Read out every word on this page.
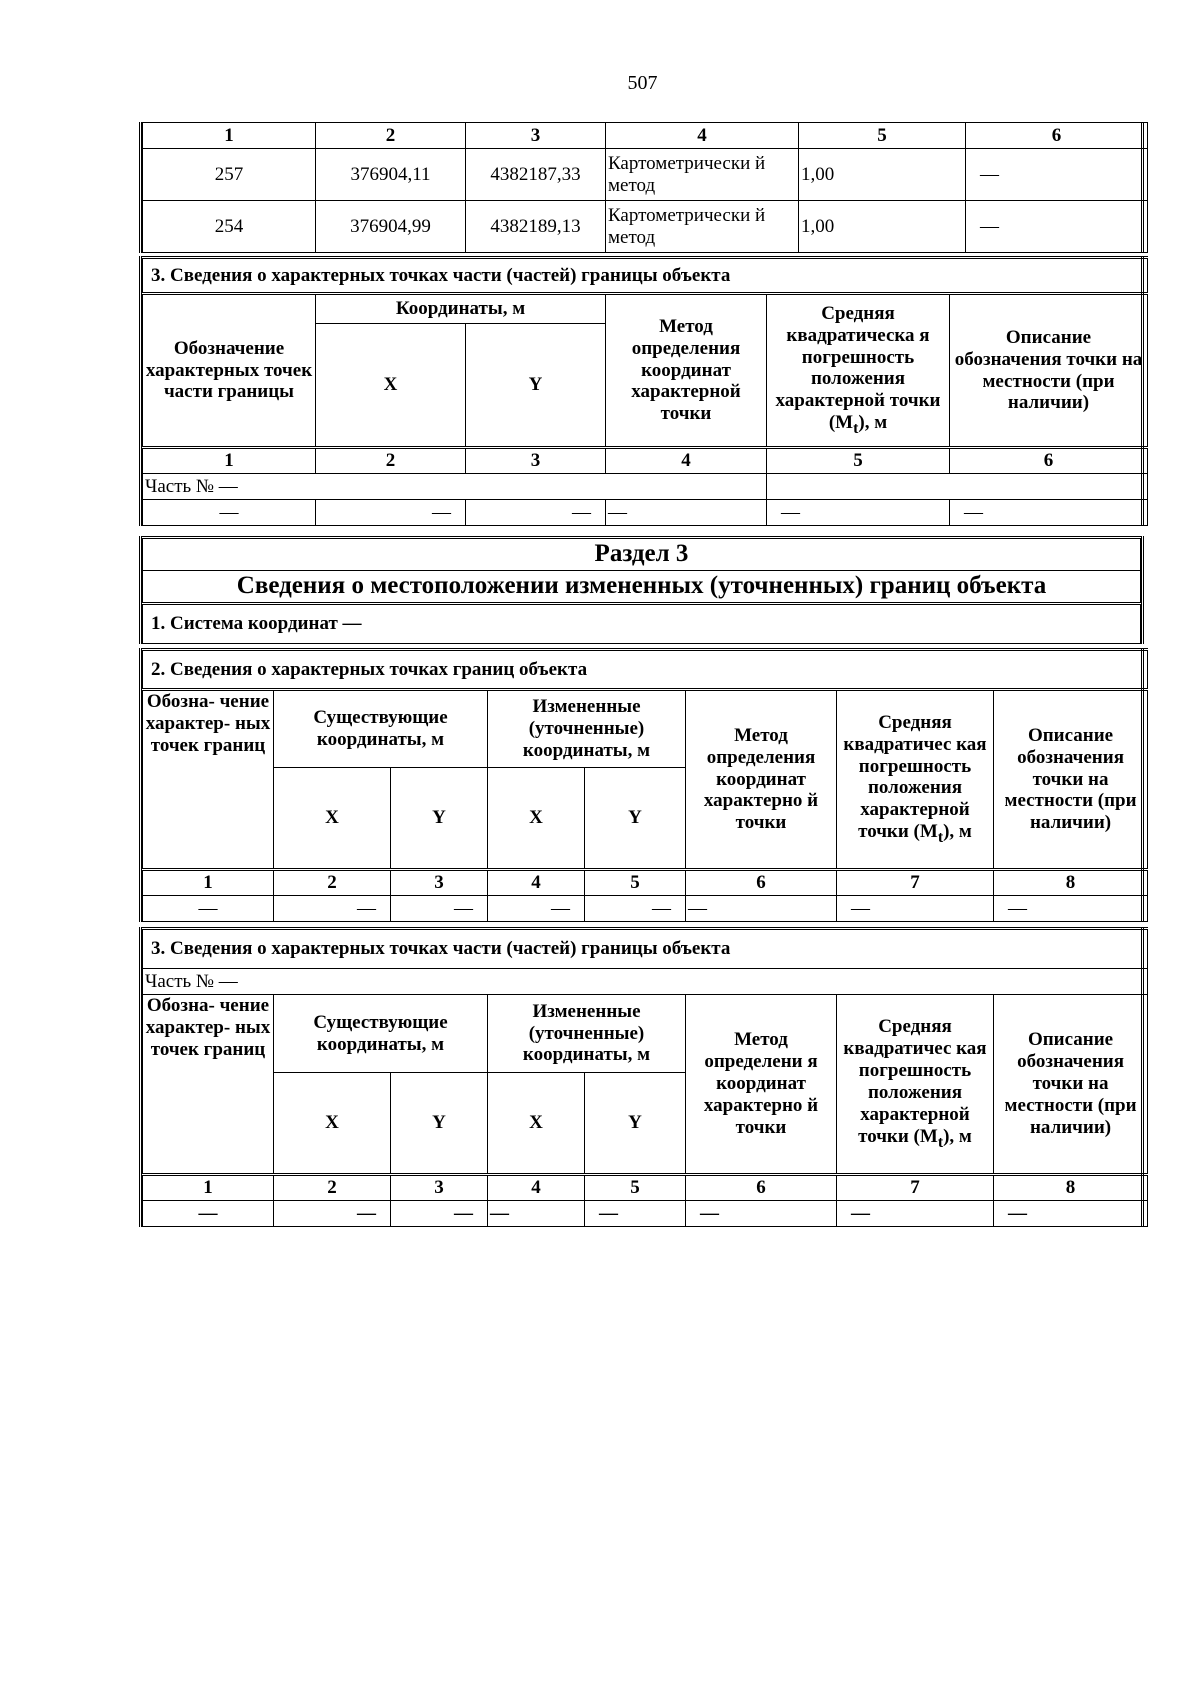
507
1	2	3	4	5	6
257	376904,11	4382187,33	Картометрически й метод	1,00	—
254	376904,99	4382189,13	Картометрически й метод	1,00	—
3. Сведения о характерных точках части (частей) границы объекта					
Обозначение характерных точек части границы	Координаты, м		Метод определения координат характерной точки	Средняя квадратическа я погрешность положения характерной точки $(M_t)$, м	Описание обозначения точки на местности (при наличии)
	X	Y			
1	2	3	4	5	6
Часть № —					
—	—	—	—	—	—
Раздел 3
Сведения о местоположении измененных (уточненных) границ объекта
1. Система координат —
2. Сведения о характерных точках границ объекта							
Обозна- чение характер- ных точек границ	Существующие координаты, м		Измененные (уточненные) координаты, м		Метод определения координат характерно й точки	Средняя квадратичес кая погрешность положения характерной точки $(M_t)$, м	Описание обозначения точки на местности (при наличии)
	X	Y	X	Y			
1	2	3	4	5	6	7	8
—	—	—	—	—	—	—	—
3. Сведения о характерных точках части (частей) границы объекта							
Часть № —							
Обозна- чение характер- ных точек границ	Существующие координаты, м		Измененные (уточненные) координаты, м		Метод определени я координат характерно й точки	Средняя квадратичес кая погрешность положения характерной точки $(M_t)$, м	Описание обозначения точки на местности (при наличии)
	X	Y	X	Y			
1	2	3	4	5	6	7	8
—	—	—	—	—	—	—	—
